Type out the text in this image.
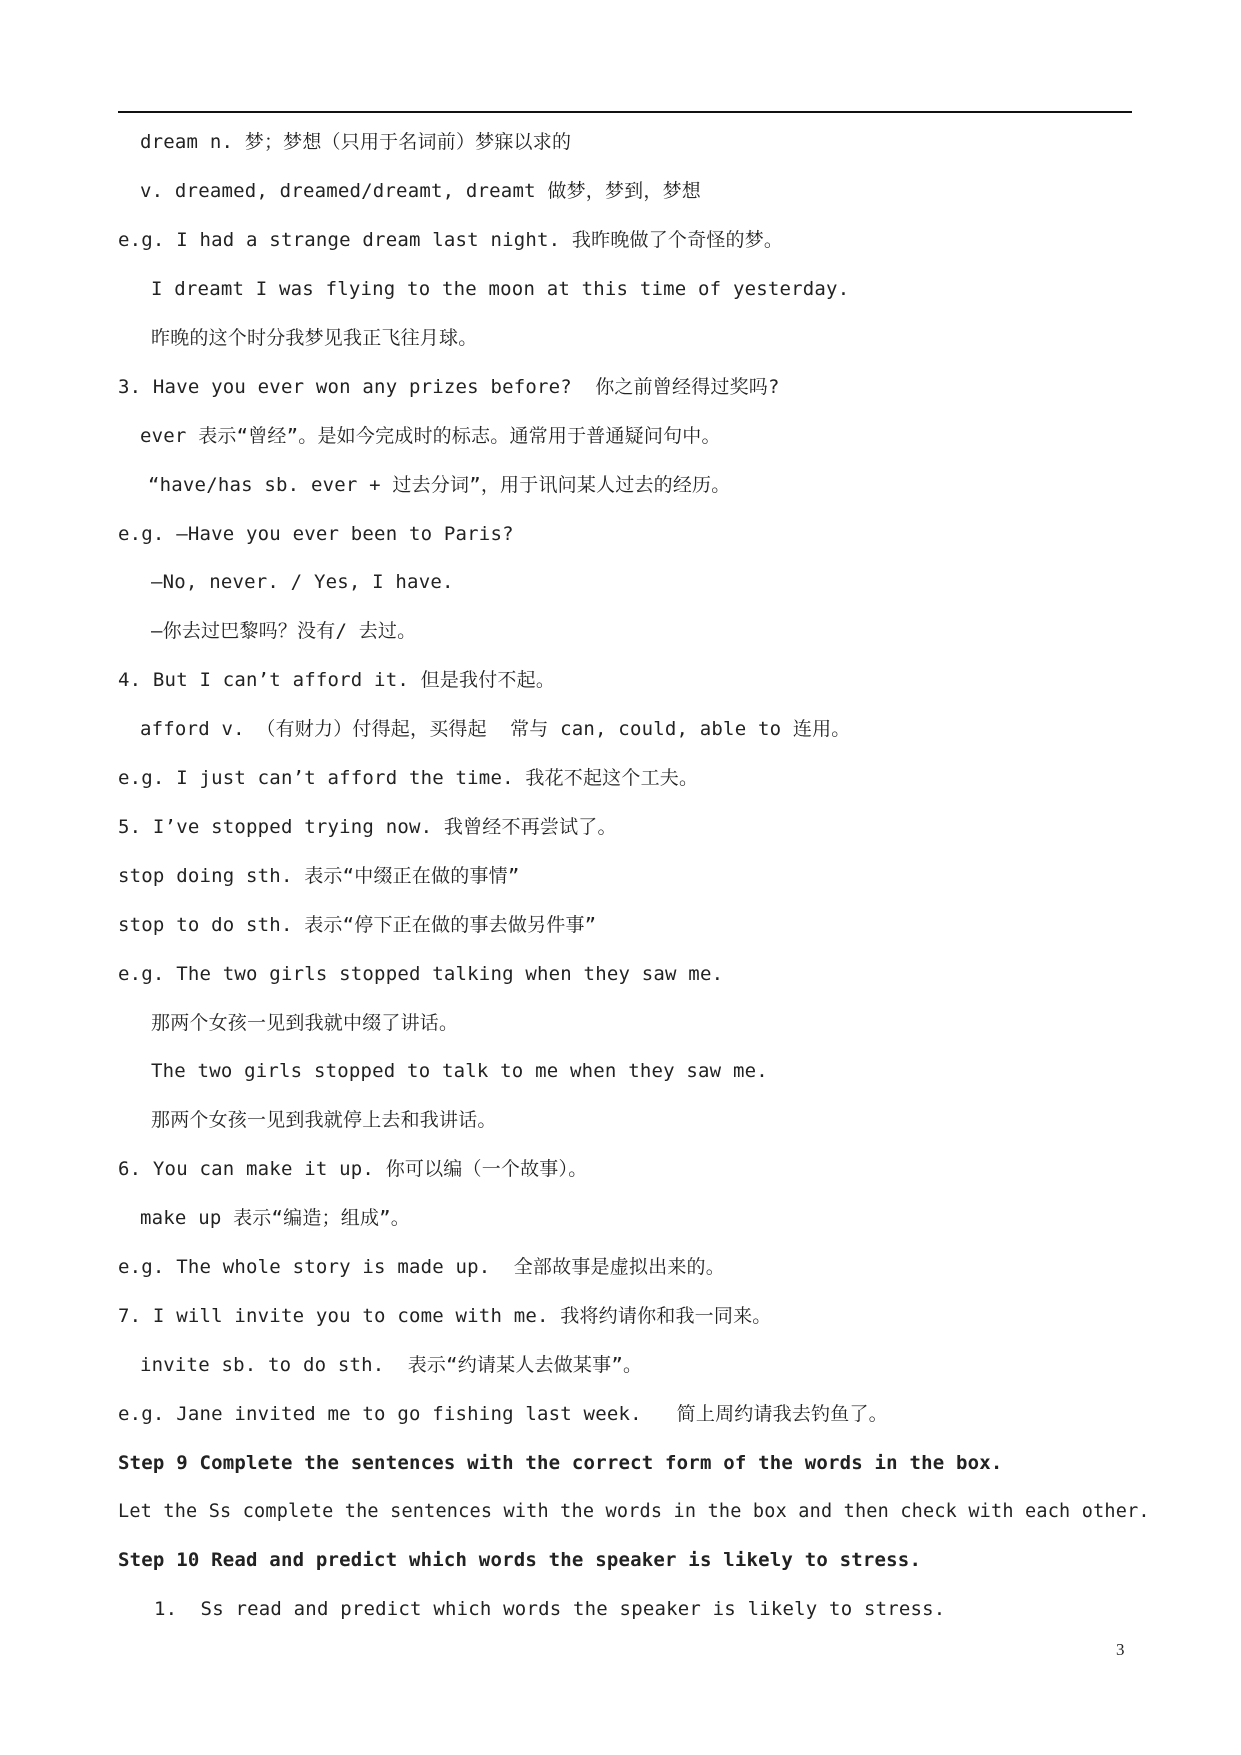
dream n. 梦；梦想（只用于名词前）梦寐以求的
v. dreamed, dreamed/dreamt, dreamt 做梦，梦到，梦想
e.g. I had a strange dream last night. 我昨晚做了个奇怪的梦。
I dreamt I was flying to the moon at this time of yesterday.
昨晚的这个时分我梦见我正飞往月球。
3. Have you ever won any prizes before?  你之前曾经得过奖吗?
ever 表示“曾经”。是如今完成时的标志。通常用于普通疑问句中。
“have/has sb. ever + 过去分词”，用于讯问某人过去的经历。
e.g. —Have you ever been to Paris?
—No, never. / Yes, I have.
—你去过巴黎吗？没有/ 去过。
4. But I can’t afford it. 但是我付不起。
afford v. （有财力）付得起，买得起  常与 can, could, able to 连用。
e.g. I just can’t afford the time. 我花不起这个工夫。
5. I’ve stopped trying now. 我曾经不再尝试了。
stop doing sth. 表示“中缀正在做的事情”
stop to do sth. 表示“停下正在做的事去做另件事”
e.g. The two girls stopped talking when they saw me.
那两个女孩一见到我就中缀了讲话。
The two girls stopped to talk to me when they saw me.
那两个女孩一见到我就停上去和我讲话。
6. You can make it up. 你可以编（一个故事）。
make up 表示“编造；组成”。
e.g. The whole story is made up.  全部故事是虚拟出来的。
7. I will invite you to come with me. 我将约请你和我一同来。
invite sb. to do sth.  表示“约请某人去做某事”。
e.g. Jane invited me to go fishing last week.   简上周约请我去钓鱼了。
Step 9 Complete the sentences with the correct form of the words in the box.
Let the Ss complete the sentences with the words in the box and then check with each other.
Step 10 Read and predict which words the speaker is likely to stress.
1.  Ss read and predict which words the speaker is likely to stress.
3
